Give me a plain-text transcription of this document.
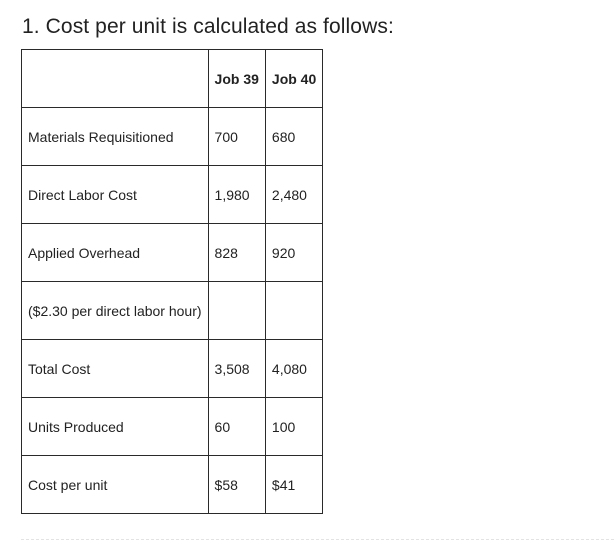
1. Cost per unit is calculated as follows:
	Job 39	Job 40
Materials Requisitioned	700	680
Direct Labor Cost	1,980	2,480
Applied Overhead	828	920
($2.30 per direct labor hour)		
Total Cost	3,508	4,080
Units Produced	60	100
Cost per unit	$58	$41
